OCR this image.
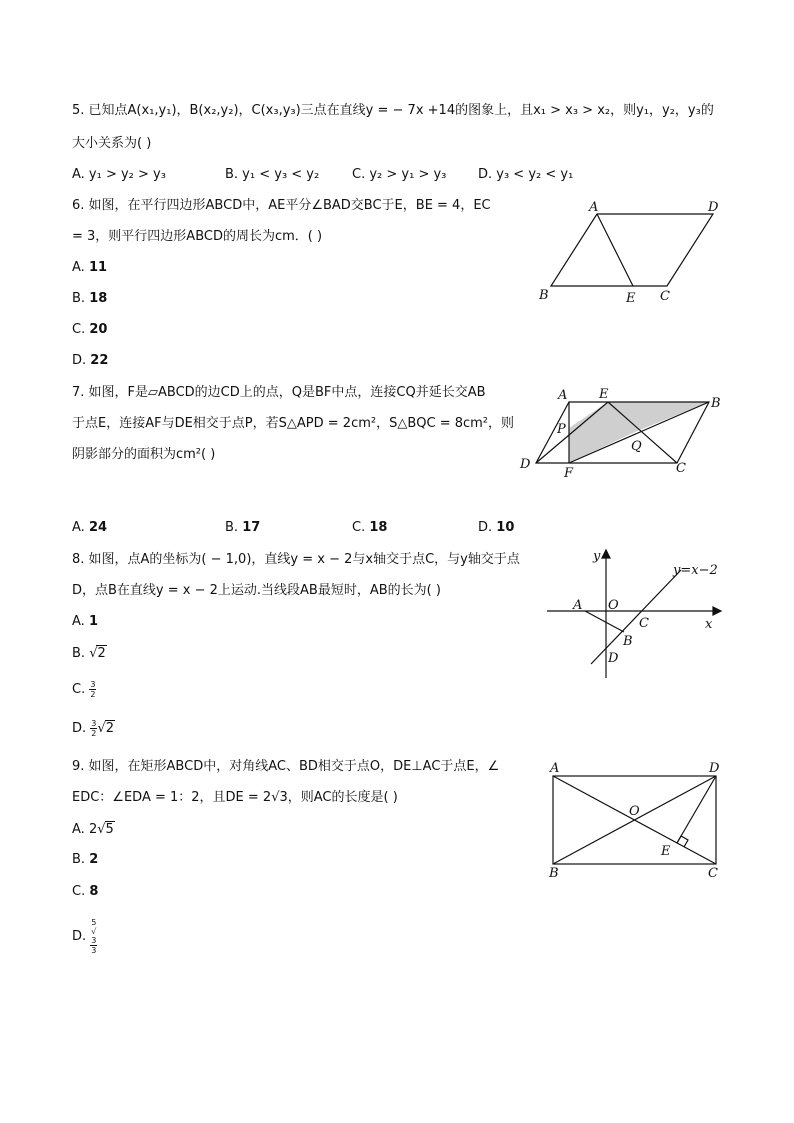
5. 已知点A(x₁,y₁)，B(x₂,y₂)，C(x₃,y₃)三点在直线y = − 7x +14的图象上，且x₁ > x₃ > x₂，则y₁，y₂，y₃的
大小关系为( )
A. y₁ > y₂ > y₃	B. y₁ < y₃ < y₂	C. y₂ > y₁ > y₃ D. y₃ < y₂ < y₁
6. 如图，在平行四边形ABCD中，AE平分∠BAD交BC于E，BE = 4，EC
= 3，则平行四边形ABCD的周长为cm．( )
A. 11
B. 18
C. 20
D. 22
A	D
B	E C
7. 如图，F是▱ABCD的边CD上的点，Q是BF中点，连接CQ并延长交AB
于点E，连接AF与DE相交于点P，若S△APD = 2cm²，S△BQC = 8cm²，则
阴影部分的面积为cm²( )
A. 24	B. 17	C. 18	D. 10
A E
B
P
Q
D
F	C
8. 如图，点A的坐标为( − 1,0)，直线y = x − 2与x轴交于点C，与y轴交于点
D，点B在直线y = x − 2上运动.当线段AB最短时，AB的长为( )
A. 1
B. √2
C. $\frac{3}{2}$
D. $\frac{3}{2} √2$
y
y=x−2
A O
C	x
B
D
9. 如图，在矩形ABCD中，对角线AC、BD相交于点O，DE⊥AC于点E，∠
EDC：∠EDA = 1：2，且DE = 2√3，则AC的长度是( )
A. 2√5
B. 2
C. 8
D. 5
√
3
3
A	D
O
E
B	C
